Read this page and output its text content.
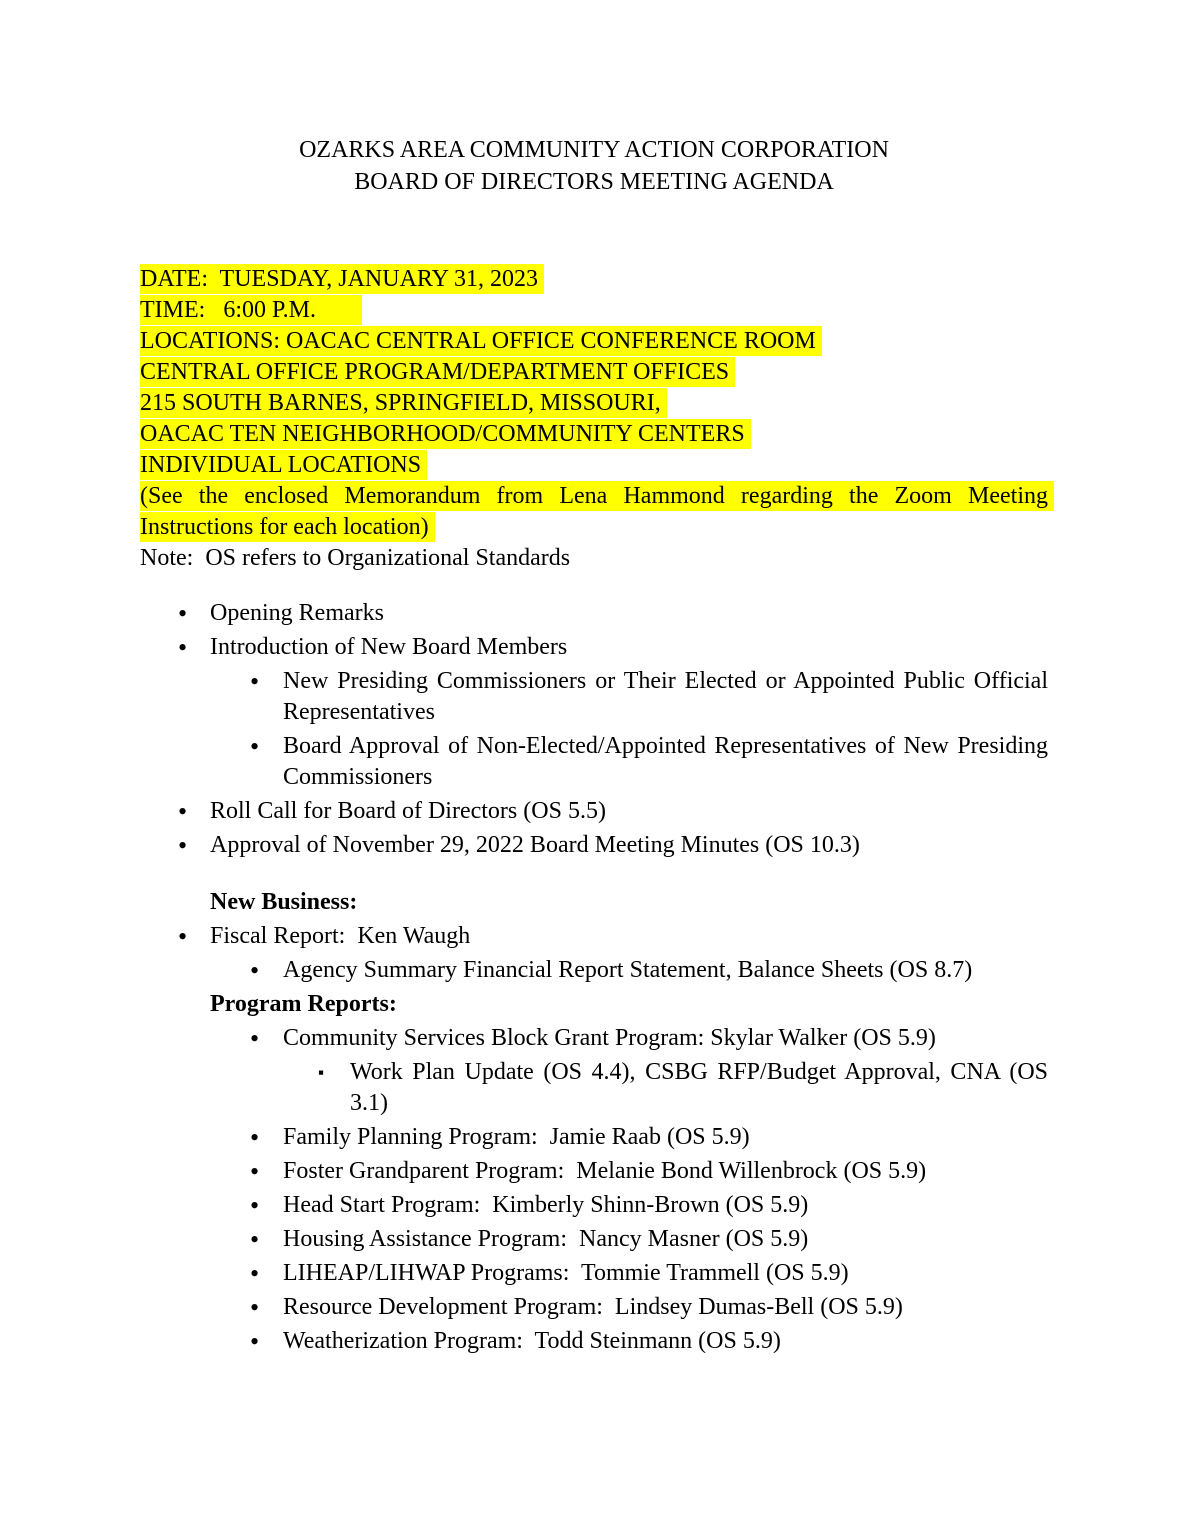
OZARKS AREA COMMUNITY ACTION CORPORATION
BOARD OF DIRECTORS MEETING AGENDA
DATE:  TUESDAY, JANUARY 31, 2023
TIME:   6:00 P.M.
LOCATIONS: OACAC CENTRAL OFFICE CONFERENCE ROOM
CENTRAL OFFICE PROGRAM/DEPARTMENT OFFICES
215 SOUTH BARNES, SPRINGFIELD, MISSOURI,
OACAC TEN NEIGHBORHOOD/COMMUNITY CENTERS
INDIVIDUAL LOCATIONS
(See the enclosed Memorandum from Lena Hammond regarding the Zoom Meeting Instructions for each location)
Note:  OS refers to Organizational Standards
• Opening Remarks
• Introduction of New Board Members
• New Presiding Commissioners or Their Elected or Appointed Public Official Representatives
• Board Approval of Non-Elected/Appointed Representatives of New Presiding Commissioners
• Roll Call for Board of Directors (OS 5.5)
• Approval of November 29, 2022 Board Meeting Minutes (OS 10.3)
New Business:
• Fiscal Report:  Ken Waugh
• Agency Summary Financial Report Statement, Balance Sheets (OS 8.7)
Program Reports:
• Community Services Block Grant Program: Skylar Walker (OS 5.9)
▪ Work Plan Update (OS 4.4), CSBG RFP/Budget Approval, CNA (OS 3.1)
• Family Planning Program:  Jamie Raab (OS 5.9)
• Foster Grandparent Program:  Melanie Bond Willenbrock (OS 5.9)
• Head Start Program:  Kimberly Shinn-Brown (OS 5.9)
• Housing Assistance Program:  Nancy Masner (OS 5.9)
• LIHEAP/LIHWAP Programs:  Tommie Trammell (OS 5.9)
• Resource Development Program:  Lindsey Dumas-Bell (OS 5.9)
• Weatherization Program:  Todd Steinmann (OS 5.9)
